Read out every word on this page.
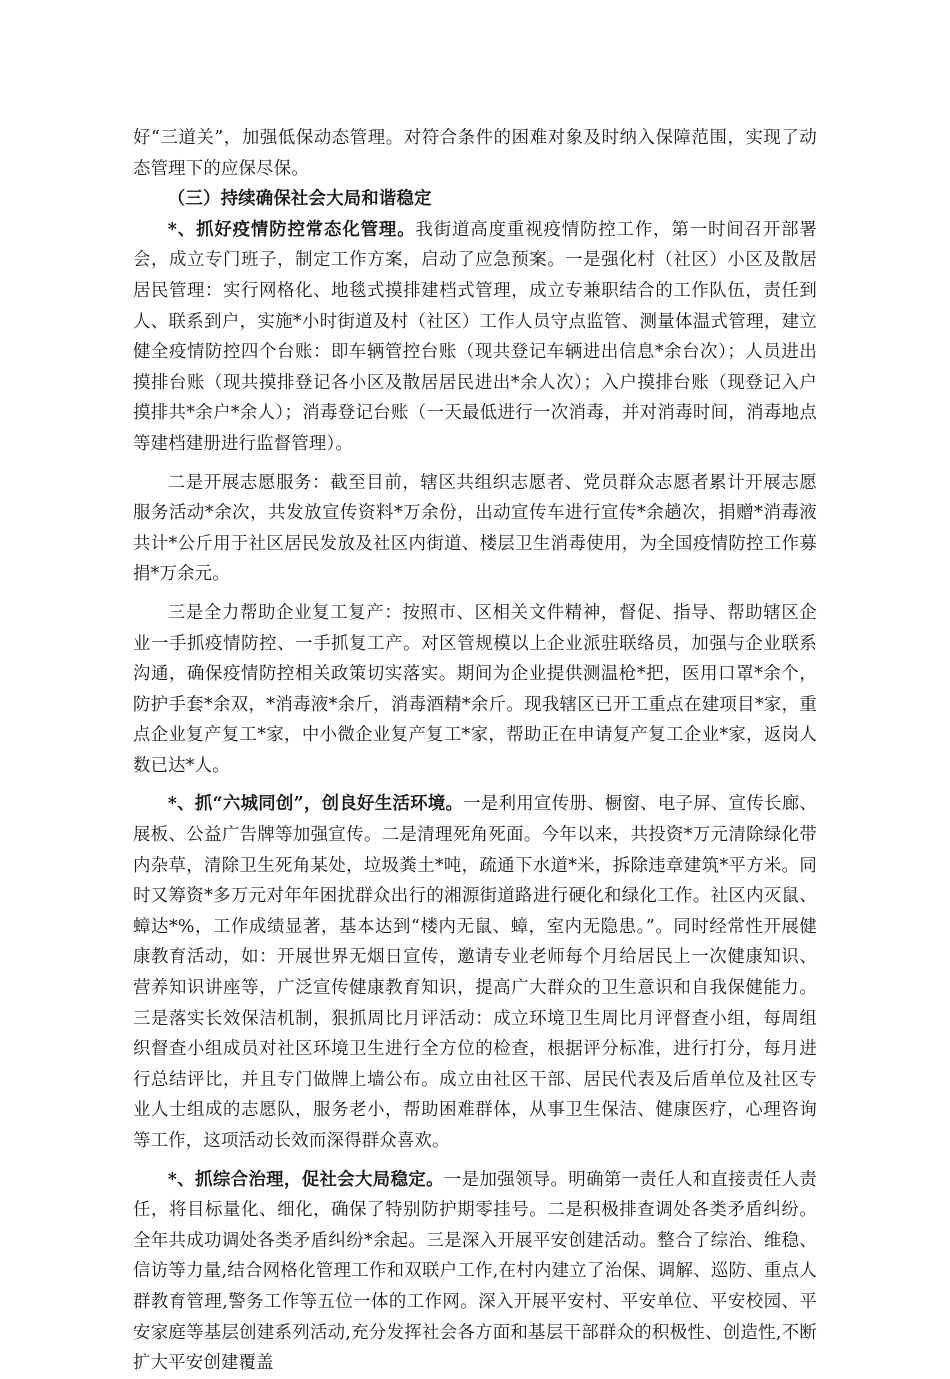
好“三道关”，加强低保动态管理。对符合条件的困难对象及时纳入保障范围，实现了动态管理下的应保尽保。

（三）持续确保社会大局和谐稳定

*、抓好疫情防控常态化管理。我街道高度重视疫情防控工作，第一时间召开部署会，成立专门班子，制定工作方案，启动了应急预案。一是强化村（社区）小区及散居居民管理：实行网格化、地毯式摸排建档式管理，成立专兼职结合的工作队伍，责任到人、联系到户，实施*小时街道及村（社区）工作人员守点监管、测量体温式管理，建立健全疫情防控四个台账：即车辆管控台账（现共登记车辆进出信息*余台次）；人员进出摸排台账（现共摸排登记各小区及散居居民进出*余人次）；入户摸排台账（现登记入户摸排共*余户*余人）；消毒登记台账（一天最低进行一次消毒，并对消毒时间，消毒地点等建档建册进行监督管理）。

二是开展志愿服务：截至目前，辖区共组织志愿者、党员群众志愿者累计开展志愿服务活动*余次，共发放宣传资料*万余份，出动宣传车进行宣传*余趟次，捐赠*消毒液共计*公斤用于社区居民发放及社区内街道、楼层卫生消毒使用，为全国疫情防控工作募捐*万余元。

三是全力帮助企业复工复产：按照市、区相关文件精神，督促、指导、帮助辖区企业一手抓疫情防控、一手抓复工产。对区管规模以上企业派驻联络员，加强与企业联系沟通，确保疫情防控相关政策切实落实。期间为企业提供测温枪*把，医用口罩*余个，防护手套*余双，*消毒液*余斤，消毒酒精*余斤。现我辖区已开工重点在建项目*家，重点企业复产复工*家，中小微企业复产复工*家，帮助正在申请复产复工企业*家，返岗人数已达*人。

*、抓“六城同创”，创良好生活环境。一是利用宣传册、橱窗、电子屏、宣传长廊、展板、公益广告牌等加强宣传。二是清理死角死面。今年以来，共投资*万元清除绿化带内杂草，清除卫生死角某处，垃圾粪土*吨，疏通下水道*米，拆除违章建筑*平方米。同时又筹资*多万元对年年困扰群众出行的湘源街道路进行硬化和绿化工作。社区内灭鼠、蟑达*%，工作成绩显著，基本达到“楼内无鼠、蟑，室内无隐患。”。同时经常性开展健康教育活动，如：开展世界无烟日宣传，邀请专业老师每个月给居民上一次健康知识、营养知识讲座等，广泛宣传健康教育知识，提高广大群众的卫生意识和自我保健能力。三是落实长效保洁机制，狠抓周比月评活动：成立环境卫生周比月评督查小组，每周组织督查小组成员对社区环境卫生进行全方位的检查，根据评分标准，进行打分，每月进行总结评比，并且专门做牌上墙公布。成立由社区干部、居民代表及后盾单位及社区专业人士组成的志愿队，服务老小，帮助困难群体，从事卫生保洁、健康医疗，心理咨询等工作，这项活动长效而深得群众喜欢。

*、抓综合治理，促社会大局稳定。一是加强领导。明确第一责任人和直接责任人责任，将目标量化、细化，确保了特别防护期零挂号。二是积极排查调处各类矛盾纠纷。全年共成功调处各类矛盾纠纷*余起。三是深入开展平安创建活动。整合了综治、维稳、信访等力量,结合网格化管理工作和双联户工作,在村内建立了治保、调解、巡防、重点人群教育管理,警务工作等五位一体的工作网。深入开展平安村、平安单位、平安校园、平安家庭等基层创建系列活动,充分发挥社会各方面和基层干部群众的积极性、创造性,不断扩大平安创建覆盖
